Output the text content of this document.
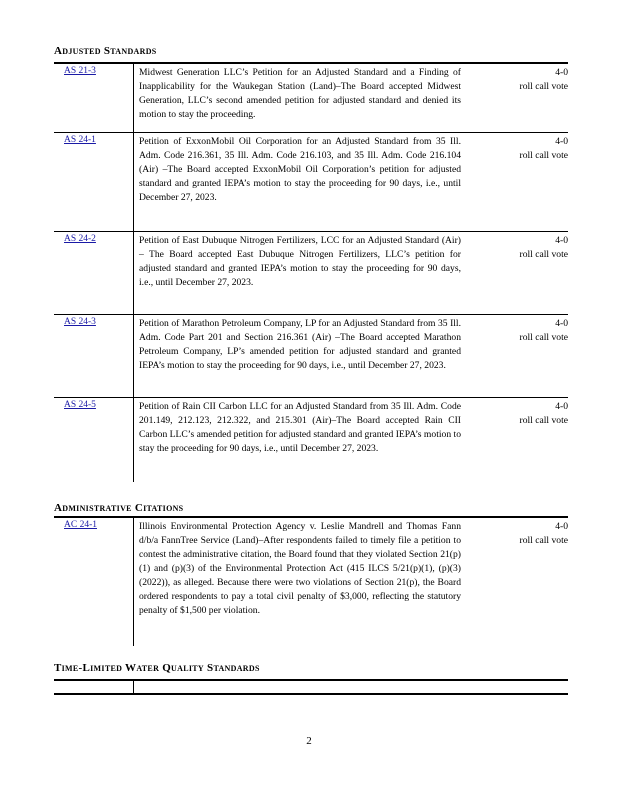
Adjusted Standards
AS 21-3	Midwest Generation LLC’s Petition for an Adjusted Standard and a Finding of Inapplicability for the Waukegan Station (Land)–The Board accepted Midwest Generation, LLC’s second amended petition for adjusted standard and denied its motion to stay the proceeding.
4-0
roll call vote
AS 24-1	Petition of ExxonMobil Oil Corporation for an Adjusted Standard from 35 Ill. Adm. Code 216.361, 35 Ill. Adm. Code 216.103, and 35 Ill. Adm. Code 216.104 (Air) –The Board accepted ExxonMobil Oil Corporation’s petition for adjusted standard and granted IEPA’s motion to stay the proceeding for 90 days, i.e., until December 27, 2023.
4-0
roll call vote
AS 24-2	Petition of East Dubuque Nitrogen Fertilizers, LCC for an Adjusted Standard (Air) – The Board accepted East Dubuque Nitrogen Fertilizers, LLC’s petition for adjusted standard and granted IEPA’s motion to stay the proceeding for 90 days, i.e., until December 27, 2023.
4-0
roll call vote
AS 24-3	Petition of Marathon Petroleum Company, LP for an Adjusted Standard from 35 Ill. Adm. Code Part 201 and Section 216.361 (Air) –The Board accepted Marathon Petroleum Company, LP’s amended petition for adjusted standard and granted IEPA’s motion to stay the proceeding for 90 days, i.e., until December 27, 2023.
4-0
roll call vote
AS 24-5	Petition of Rain CII Carbon LLC for an Adjusted Standard from 35 Ill. Adm. Code 201.149, 212.123, 212.322, and 215.301 (Air)–The Board accepted Rain CII Carbon LLC’s amended petition for adjusted standard and granted IEPA’s motion to stay the proceeding for 90 days, i.e., until December 27, 2023.
4-0
roll call vote
Administrative Citations
AC 24-1	Illinois Environmental Protection Agency v. Leslie Mandrell and Thomas Fann d/b/a FannTree Service (Land)–After respondents failed to timely file a petition to contest the administrative citation, the Board found that they violated Section 21(p)(1) and (p)(3) of the Environmental Protection Act (415 ILCS 5/21(p)(1), (p)(3) (2022)), as alleged. Because there were two violations of Section 21(p), the Board ordered respondents to pay a total civil penalty of $3,000, reflecting the statutory penalty of $1,500 per violation.
4-0
roll call vote
Time-Limited Water Quality Standards
2
